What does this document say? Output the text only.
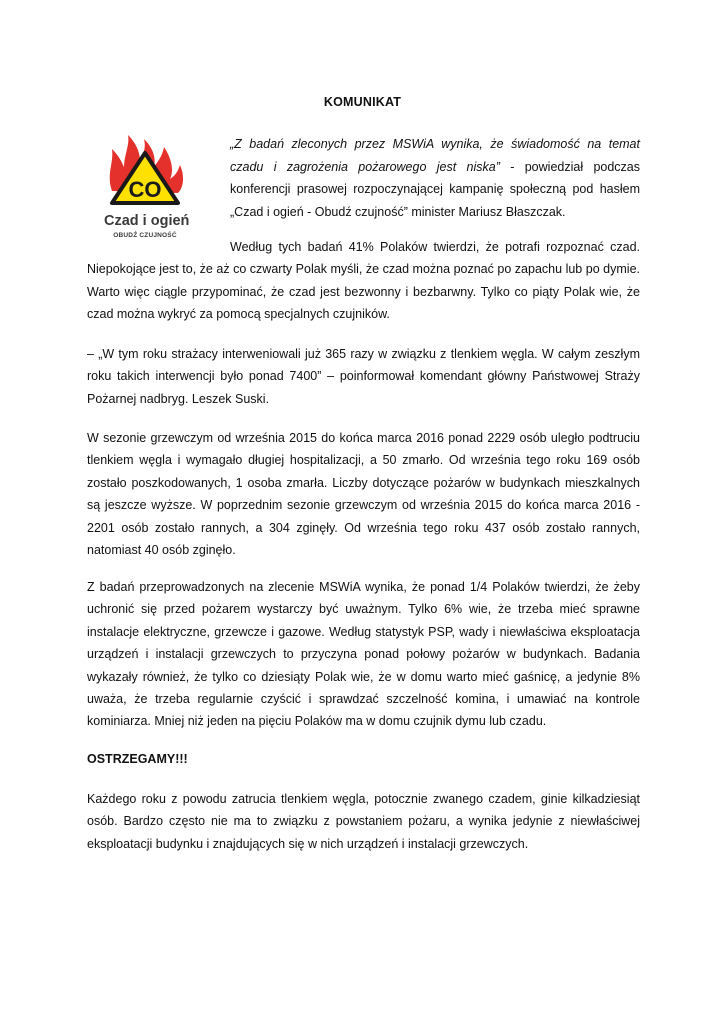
KOMUNIKAT
CO
Czad i ogień
OBUDŹ CZUJNOŚĆ

„Z badań zleconych przez MSWiA wynika, że świadomość na temat czadu i zagrożenia pożarowego jest niska” - powiedział podczas konferencji prasowej rozpoczynającej kampanię społeczną pod hasłem „Czad i ogień - Obudź czujność” minister Mariusz Błaszczak.

Według tych badań 41% Polaków twierdzi, że potrafi rozpoznać czad. Niepokojące jest to, że aż co czwarty Polak myśli, że czad można poznać po zapachu lub po dymie. Warto więc ciągle przypominać, że czad jest bezwonny i bezbarwny. Tylko co piąty Polak wie, że czad można wykryć za pomocą specjalnych czujników.

– „W tym roku strażacy interweniowali już 365 razy w związku z tlenkiem węgla. W całym zeszłym roku takich interwencji było ponad 7400” – poinformował komendant główny Państwowej Straży Pożarnej nadbryg. Leszek Suski.

W sezonie grzewczym od września 2015 do końca marca 2016 ponad 2229 osób uległo podtruciu tlenkiem węgla i wymagało długiej hospitalizacji, a 50 zmarło. Od września tego roku 169 osób zostało poszkodowanych, 1 osoba zmarła. Liczby dotyczące pożarów w budynkach mieszkalnych są jeszcze wyższe. W poprzednim sezonie grzewczym od września 2015 do końca marca 2016 - 2201 osób zostało rannych, a 304 zginęły. Od września tego roku 437 osób zostało rannych, natomiast 40 osób zginęło.

Z badań przeprowadzonych na zlecenie MSWiA wynika, że ponad 1/4 Polaków twierdzi, że żeby uchronić się przed pożarem wystarczy być uważnym. Tylko 6% wie, że trzeba mieć sprawne instalacje elektryczne, grzewcze i gazowe. Według statystyk PSP, wady i niewłaściwa eksploatacja urządzeń i instalacji grzewczych to przyczyna ponad połowy pożarów w budynkach. Badania wykazały również, że tylko co dziesiąty Polak wie, że w domu warto mieć gaśnicę, a jedynie 8% uważa, że trzeba regularnie czyścić i sprawdzać szczelność komina, i umawiać na kontrole kominiarza. Mniej niż jeden na pięciu Polaków ma w domu czujnik dymu lub czadu.

OSTRZEGAMY!!!

Każdego roku z powodu zatrucia tlenkiem węgla, potocznie zwanego czadem, ginie kilkadziesiąt osób. Bardzo często nie ma to związku z powstaniem pożaru, a wynika jedynie z niewłaściwej eksploatacji budynku i znajdujących się w nich urządzeń i instalacji grzewczych.
